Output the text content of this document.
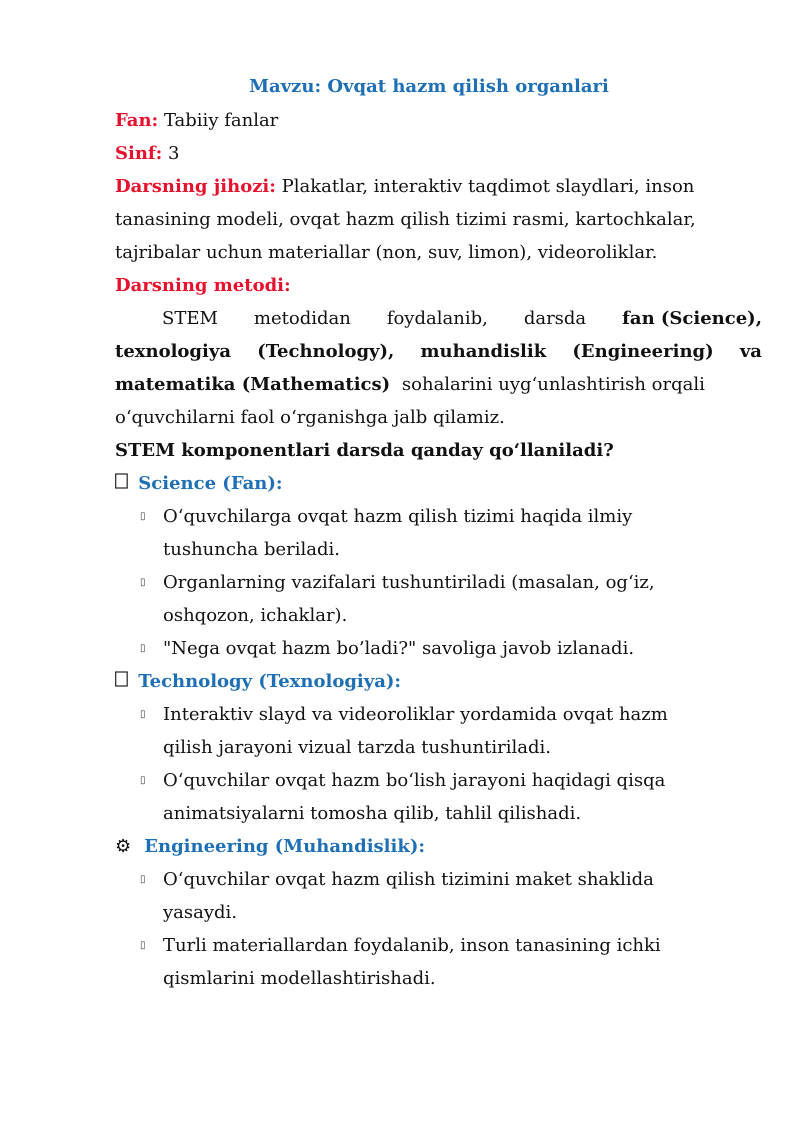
Mavzu: Ovqat hazm qilish organlari
Fan: Tabiiy fanlar
Sinf: 3
Darsning jihozi: Plakatlar, interaktiv taqdimot slaydlari, inson
tanasining modeli, ovqat hazm qilish tizimi rasmi, kartochkalar,
tajribalar uchun materiallar (non, suv, limon), videoroliklar.
Darsning metodi:
STEM metodidan foydalanib, darsda fan (Science),
texnologiya (Technology), muhandislik (Engineering) va
matematika (Mathematics) sohalarini uyg‘unlashtirish orqali
o‘quvchilarni faol o‘rganishga jalb qilamiz.
STEM komponentlari darsda qanday qo‘llaniladi?
Science (Fan):
▯ O‘quvchilarga ovqat hazm qilish tizimi haqida ilmiy
tushuncha beriladi.
▯ Organlarning vazifalari tushuntiriladi (masalan, og‘iz,
oshqozon, ichaklar).
▯ "Nega ovqat hazm bo’ladi?" savoliga javob izlanadi.
Technology (Texnologiya):
▯ Interaktiv slayd va videoroliklar yordamida ovqat hazm
qilish jarayoni vizual tarzda tushuntiriladi.
▯ O‘quvchilar ovqat hazm bo‘lish jarayoni haqidagi qisqa
animatsiyalarni tomosha qilib, tahlil qilishadi.
⚙ Engineering (Muhandislik):
▯ O‘quvchilar ovqat hazm qilish tizimini maket shaklida
yasaydi.
▯ Turli materiallardan foydalanib, inson tanasining ichki
qismlarini modellashtirishadi.
